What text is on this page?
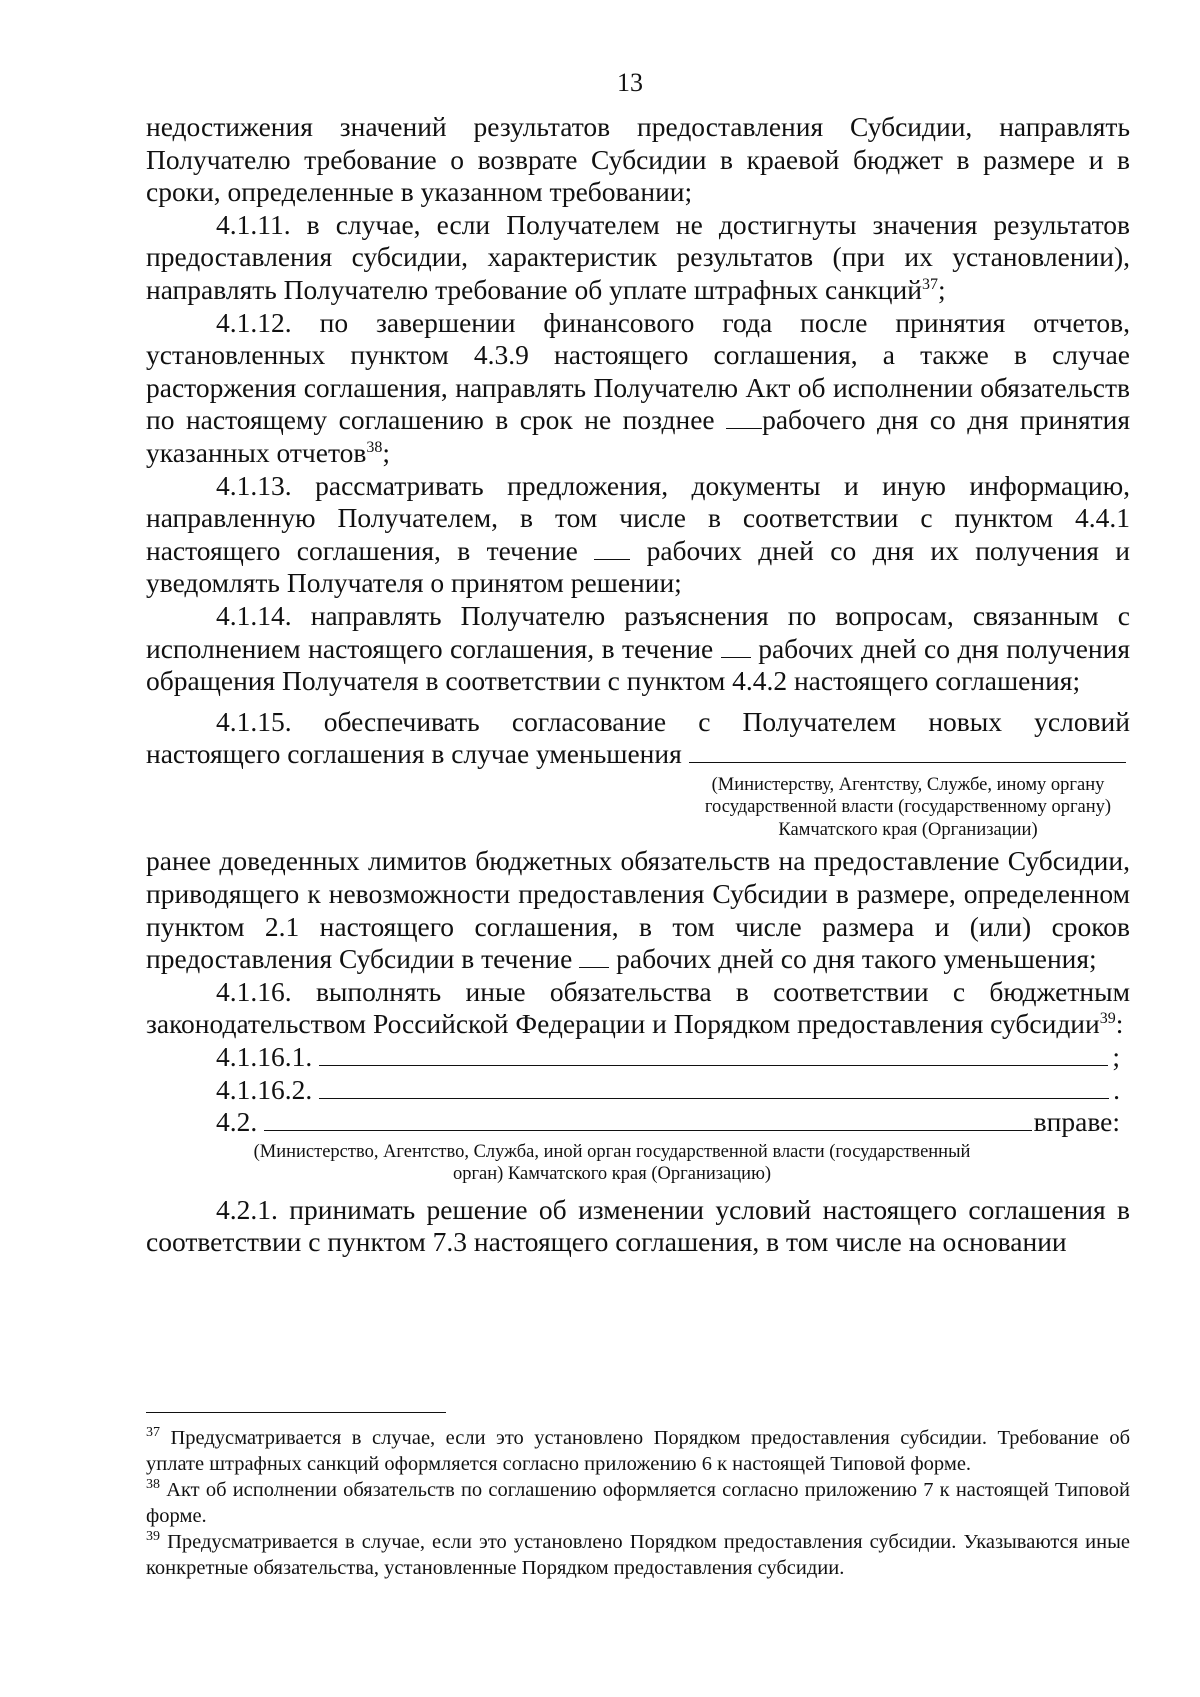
13

недостижения значений результатов предоставления Субсидии, направлять Получателю требование о возврате Субсидии в краевой бюджет в размере и в сроки, определенные в указанном требовании;

4.1.11. в случае, если Получателем не достигнуты значения результатов предоставления субсидии, характеристик результатов (при их установлении), направлять Получателю требование об уплате штрафных санкций$^{37}$;

4.1.12. по завершении финансового года после принятия отчетов, установленных пунктом 4.3.9 настоящего соглашения, а также в случае расторжения соглашения, направлять Получателю Акт об исполнении обязательств по настоящему соглашению в срок не позднее рабочего дня со дня принятия указанных отчетов$^{38}$;

4.1.13. рассматривать предложения, документы и иную информацию, направленную Получателем, в том числе в соответствии с пунктом 4.4.1 настоящего соглашения, в течение  рабочих дней со дня их получения и уведомлять Получателя о принятом решении;

4.1.14. направлять Получателю разъяснения по вопросам, связанным с исполнением настоящего соглашения, в течение  рабочих дней со дня получения обращения Получателя в соответствии с пунктом 4.4.2 настоящего соглашения;

4.1.15. обеспечивать согласование с Получателем новых условий

настоящего соглашения в случае уменьшения

(Министерству, Агентству, Службе, иному органу государственной власти (государственному органу) Камчатского края (Организации)

ранее доведенных лимитов бюджетных обязательств на предоставление Субсидии, приводящего к невозможности предоставления Субсидии в размере, определенном пунктом 2.1 настоящего соглашения, в том числе размера и (или) сроков предоставления Субсидии в течение  рабочих дней со дня такого уменьшения;

4.1.16. выполнять иные обязательства в соответствии с бюджетным законодательством Российской Федерации и Порядком предоставления субсидии$^{39}$:

4.1.16.1.	;
4.1.16.2.	.
4.2.	вправе:

(Министерство, Агентство, Служба, иной орган государственной власти (государственный орган) Камчатского края (Организацию)

4.2.1. принимать решение об изменении условий настоящего соглашения в соответствии с пунктом 7.3 настоящего соглашения, в том числе на основании

$^{37}$ Предусматривается в случае, если это установлено Порядком предоставления субсидии. Требование об уплате штрафных санкций оформляется согласно приложению 6 к настоящей Типовой форме.

$^{38}$ Акт об исполнении обязательств по соглашению оформляется согласно приложению 7 к настоящей Типовой форме.

$^{39}$ Предусматривается в случае, если это установлено Порядком предоставления субсидии. Указываются иные конкретные обязательства, установленные Порядком предоставления субсидии.
